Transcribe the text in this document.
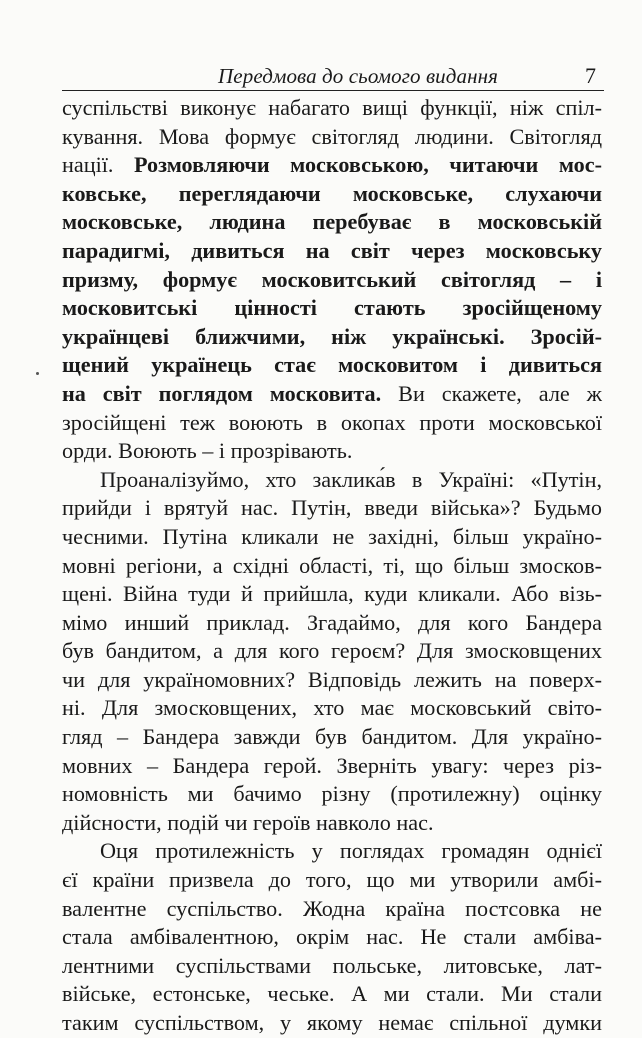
Передмова до сьомого видання	7

суспільстві виконує набагато вищі функції, ніж спіл-
кування. Мова формує світогляд людини. Світогляд
нації. Розмовляючи московською, читаючи мос-
ковське, переглядаючи московське, слухаючи
московське, людина перебуває в московській
парадигмі, дивиться на світ через московську
призму, формує московитський світогляд – і
московитські цінності стають зросійщеному
українцеві ближчими, ніж українські. Зросій-
щений українець стає московитом і дивиться
на світ поглядом московита. Ви скажете, але ж
зросійщені теж воюють в окопах проти московської
орди. Воюють – і прозрівають.

Проаналізуймо, хто заклика́в в Україні: «Путін,
прийди і врятуй нас. Путін, введи війська»? Будьмо
чесними. Путіна кликали не західні, більш україно-
мовні регіони, а східні області, ті, що більш змосков-
щені. Війна туди й прийшла, куди кликали. Або візь-
мімо инший приклад. Згадаймо, для кого Бандера
був бандитом, а для кого героєм? Для змосковщених
чи для україномовних? Відповідь лежить на поверх-
ні. Для змосковщених, хто має московський світо-
гляд – Бандера завжди був бандитом. Для україно-
мовних – Бандера герой. Зверніть увагу: через різ-
номовність ми бачимо різну (протилежну) оцінку
дійсности, подій чи героїв навколо нас.

Оця протилежність у поглядах громадян однієї
єї країни призвела до того, що ми утворили амбі-
валентне суспільство. Жодна країна постсовка не
стала амбівалентною, окрім нас. Не стали амбіва-
лентними суспільствами польське, литовське, лат-
війське, естонське, чеське. А ми стали. Ми стали
таким суспільством, у якому немає спільної думки
